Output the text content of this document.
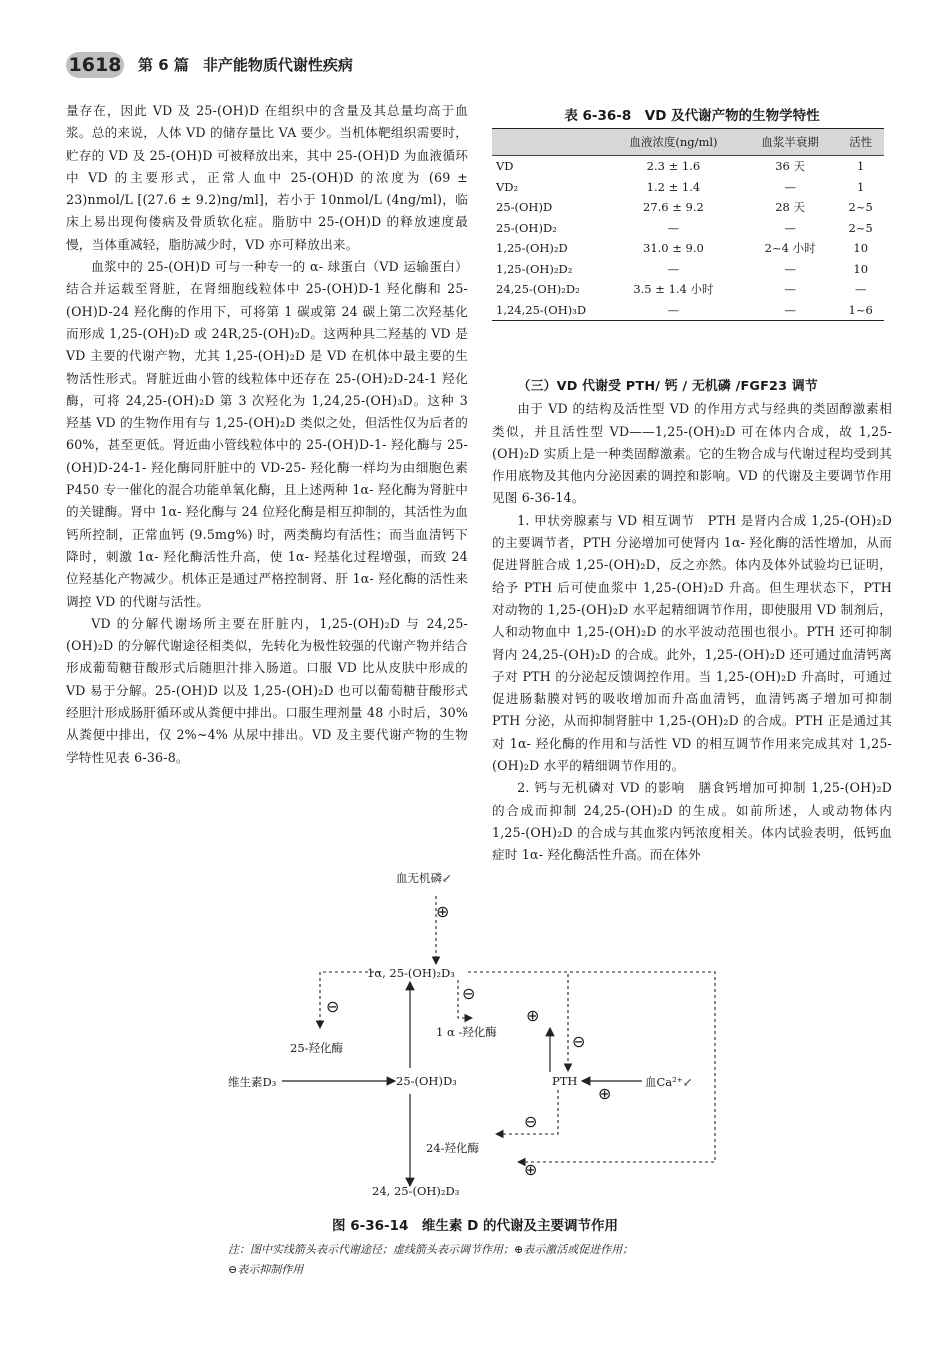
1618 第 6 篇 非产能物质代谢性疾病

量存在，因此 VD 及 25-(OH)D 在组织中的含量及其总量均高于血浆。总的来说，人体 VD 的储存量比 VA 要少。当机体靶组织需要时，贮存的 VD 及 25-(OH)D 可被释放出来，其中 25-(OH)D 为血液循环中 VD 的主要形式，正常人血中 25-(OH)D 的浓度为 (69 ± 23)nmol/L [(27.6 ± 9.2)ng/ml]，若小于 10nmol/L (4ng/ml)，临床上易出现佝偻病及骨质软化症。脂肪中 25-(OH)D 的释放速度最慢，当体重减轻，脂肪减少时，VD 亦可释放出来。

血浆中的 25-(OH)D 可与一种专一的 α- 球蛋白（VD 运输蛋白）结合并运载至肾脏，在肾细胞线粒体中 25-(OH)D-1 羟化酶和 25-(OH)D-24 羟化酶的作用下，可将第 1 碳或第 24 碳上第二次羟基化而形成 1,25-(OH)₂D 或 24R,25-(OH)₂D。这两种具二羟基的 VD 是 VD 主要的代谢产物，尤其 1,25-(OH)₂D 是 VD 在机体中最主要的生物活性形式。肾脏近曲小管的线粒体中还存在 25-(OH)₂D-24-1 羟化酶，可将 24,25-(OH)₂D 第 3 次羟化为 1,24,25-(OH)₃D。这种 3 羟基 VD 的生物作用有与 1,25-(OH)₂D 类似之处，但活性仅为后者的 60%，甚至更低。肾近曲小管线粒体中的 25-(OH)D-1- 羟化酶与 25-(OH)D-24-1- 羟化酶同肝脏中的 VD-25- 羟化酶一样均为由细胞色素 P450 专一催化的混合功能单氧化酶，且上述两种 1α- 羟化酶为肾脏中的关键酶。肾中 1α- 羟化酶与 24 位羟化酶是相互抑制的，其活性为血钙所控制，正常血钙 (9.5mg%) 时，两类酶均有活性；而当血清钙下降时，刺激 1α- 羟化酶活性升高，使 1α- 羟基化过程增强，而致 24 位羟基化产物减少。机体正是通过严格控制肾、肝 1α- 羟化酶的活性来调控 VD 的代谢与活性。

VD 的分解代谢场所主要在肝脏内，1,25-(OH)₂D 与 24,25-(OH)₂D 的分解代谢途径相类似，先转化为极性较强的代谢产物并结合形成葡萄糖苷酸形式后随胆汁排入肠道。口服 VD 比从皮肤中形成的 VD 易于分解。25-(OH)D 以及 1,25-(OH)₂D 也可以葡萄糖苷酸形式经胆汁形成肠肝循环或从粪便中排出。口服生理剂量 48 小时后，30% 从粪便中排出，仅 2%~4% 从尿中排出。VD 及主要代谢产物的生物学特性见表 6-36-8。

表 6-36-8　VD 及代谢产物的生物学特性
	血液浓度(ng/ml)	血浆半衰期	活性
VD	2.3 ± 1.6	36 天	1
VD₂	1.2 ± 1.4	—	1
25-(OH)D	27.6 ± 9.2	28 天	2~5
25-(OH)D₂	—	—	2~5
1,25-(OH)₂D	31.0 ± 9.0	2~4 小时	10
1,25-(OH)₂D₂	—	—	10
24,25-(OH)₂D₂	3.5 ± 1.4 小时	—	—
1,24,25-(OH)₃D	—	—	1~6

（三）VD 代谢受 PTH/ 钙 / 无机磷 /FGF23 调节

由于 VD 的结构及活性型 VD 的作用方式与经典的类固醇激素相类似，并且活性型 VD——1,25-(OH)₂D 可在体内合成，故 1,25-(OH)₂D 实质上是一种类固醇激素。它的生物合成与代谢过程均受到其作用底物及其他内分泌因素的调控和影响。VD 的代谢及主要调节作用见图 6-36-14。

1. 甲状旁腺素与 VD 相互调节　PTH 是肾内合成 1,25-(OH)₂D 的主要调节者，PTH 分泌增加可使肾内 1α- 羟化酶的活性增加，从而促进肾脏合成 1,25-(OH)₂D，反之亦然。体内及体外试验均已证明，给予 PTH 后可使血浆中 1,25-(OH)₂D 升高。但生理状态下，PTH 对动物的 1,25-(OH)₂D 水平起精细调节作用，即使服用 VD 制剂后，人和动物血中 1,25-(OH)₂D 的水平波动范围也很小。PTH 还可抑制肾内 24,25-(OH)₂D 的合成。此外，1,25-(OH)₂D 还可通过血清钙离子对 PTH 的分泌起反馈调控作用。当 1,25-(OH)₂D 升高时，可通过促进肠黏膜对钙的吸收增加而升高血清钙，血清钙离子增加可抑制 PTH 分泌，从而抑制肾脏中 1,25-(OH)₂D 的合成。PTH 正是通过其对 1α- 羟化酶的作用和与活性 VD 的相互调节作用来完成其对 1,25-(OH)₂D 水平的精细调节作用的。

2. 钙与无机磷对 VD 的影响　膳食钙增加可抑制 1,25-(OH)₂D 的合成而抑制 24,25-(OH)₂D 的生成。如前所述，人或动物体内 1,25-(OH)₂D 的合成与其血浆内钙浓度相关。体内试验表明，低钙血症时 1α- 羟化酶活性升高。而在体外

血无机磷↙
⊕
1α, 25-(OH)₂D₃
⊖
⊖
⊕
1 α -羟化酶	⊖
25-羟化酶
维生素D₃	25-(OH)D₃	PTH	血Ca²⁺↙
⊕
⊖
24-羟化酶
⊕
24, 25-(OH)₂D₃
图 6-36-14　维生素 D 的代谢及主要调节作用
注：图中实线箭头表示代谢途径；虚线箭头表示调节作用；⊕表示激活或促进作用；
⊖表示抑制作用
